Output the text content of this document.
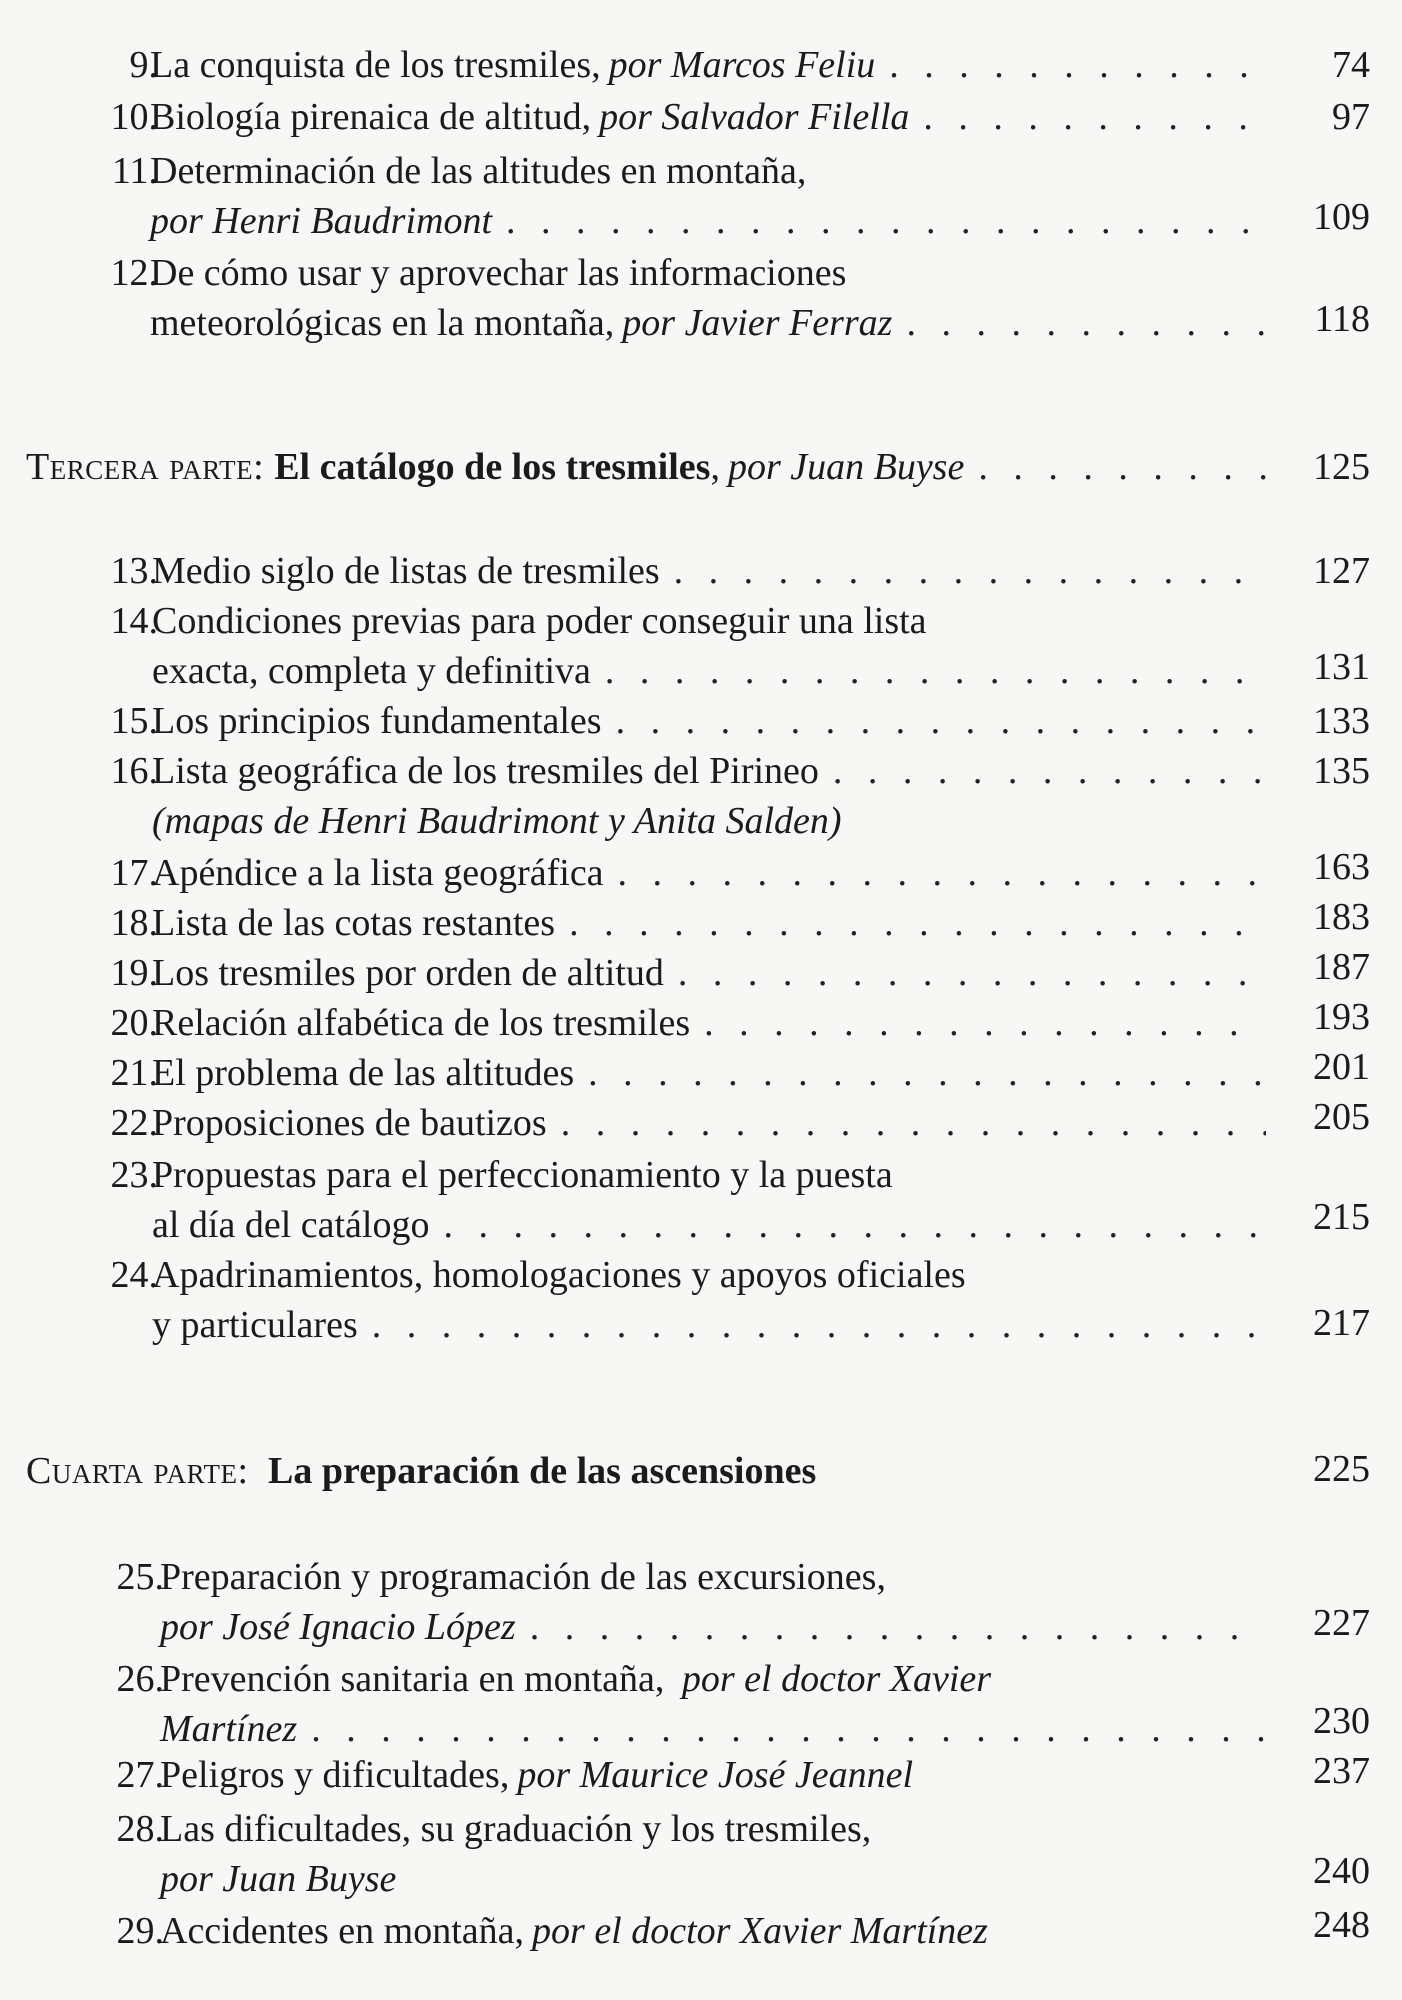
9.
La conquista de los tresmiles, por Marcos Feliu . . .	74
10.
Biología pirenaica de altitud, por Salvador Filella . . .	97
11.
Determinación de las altitudes en montaña,
por Henri Baudrimont . . .	109
12.
De cómo usar y aprovechar las informaciones
meteorológicas en la montaña, por Javier Ferraz . . .	118
Tercera parte: El catálogo de los tresmiles , por Juan Buyse . . .	125
13.
Medio siglo de listas de tresmiles . . .	127
14.
Condiciones previas para poder conseguir una lista
exacta, completa y definitiva . . .	131
15.
Los principios fundamentales . . .	133
16.
Lista geográfica de los tresmiles del Pirineo . . .	135
(mapas de Henri Baudrimont y Anita Salden)
17.
Apéndice a la lista geográfica . . .	163
18.
Lista de las cotas restantes . . .	183
19.
Los tresmiles por orden de altitud . . .	187
20.
Relación alfabética de los tresmiles . . .	193
21.
El problema de las altitudes . . .	201
22.
Proposiciones de bautizos . . .	205
23.
Propuestas para el perfeccionamiento y la puesta
al día del catálogo . . .	215
24.
Apadrinamientos, homologaciones y apoyos oficiales
y particulares . . .	217
Cuarta parte: La preparación de las ascensiones	225
25.
Preparación y programación de las excursiones,
por José Ignacio López . . .	227
26.
Prevención sanitaria en montaña, por el doctor Xavier
Martínez . . .	230
27.
Peligros y dificultades, por Maurice José Jeannel	237
28.
Las dificultades, su graduación y los tresmiles,
por Juan Buyse	240
29.
Accidentes en montaña, por el doctor Xavier Martínez	248
